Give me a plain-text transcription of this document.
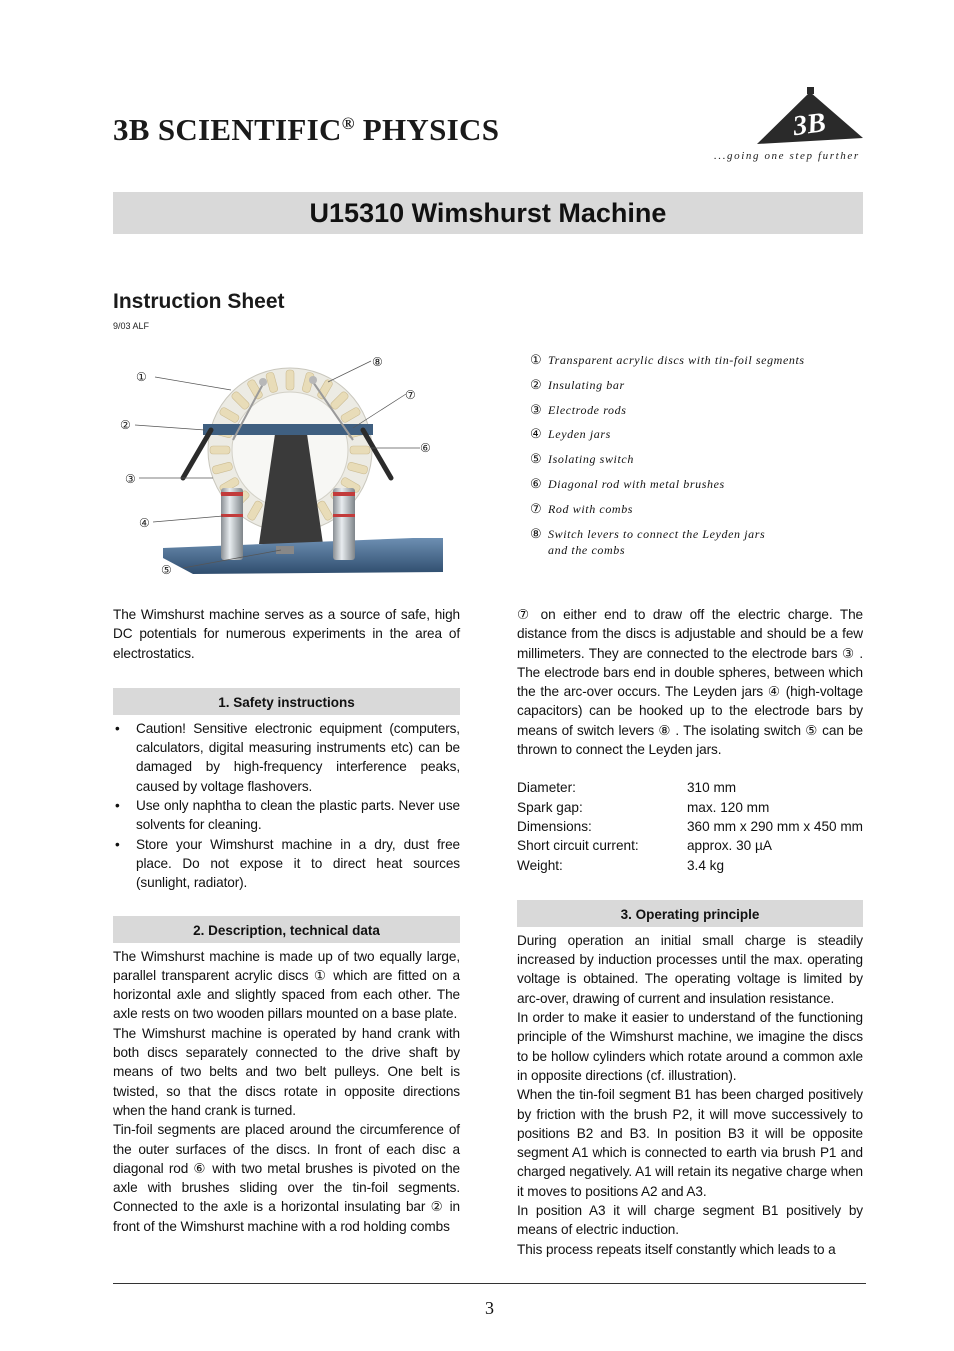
3B SCIENTIFIC® PHYSICS	3B
...going one step further
U15310 Wimshurst Machine
Instruction Sheet
9/03 ALF
①
②
③
④
⑤
⑥
⑦
⑧	① Transparent acrylic discs with tin-foil segments
② Insulating bar
③ Electrode rods
④ Leyden jars
⑤ Isolating switch
⑥ Diagonal rod with metal brushes
⑦ Rod with combs
⑧ Switch levers to connect the Leyden jars and the combs

The Wimshurst machine serves as a source of safe, high DC potentials for numerous experiments in the area of electrostatics.

1. Safety instructions
• Caution! Sensitive electronic equipment (computers, calculators, digital measuring instruments etc) can be damaged by high-frequency interference peaks, caused by voltage flashovers.
• Use only naphtha to clean the plastic parts. Never use solvents for cleaning.
• Store your Wimshurst machine in a dry, dust free place. Do not expose it to direct heat sources (sunlight, radiator).
2. Description, technical data

The Wimshurst machine is made up of two equally large, parallel transparent acrylic discs ① which are fitted on a horizontal axle and slightly spaced from each other. The axle rests on two wooden pillars mounted on a base plate.

The Wimshurst machine is operated by hand crank with both discs separately connected to the drive shaft by means of two belts and two belt pulleys. One belt is twisted, so that the discs rotate in opposite directions when the hand crank is turned.

Tin-foil segments are placed around the circumference of the outer surfaces of the discs. In front of each disc a diagonal rod ⑥ with two metal brushes is pivoted on the axle with brushes sliding over the tin-foil segments. Connected to the axle is a horizontal insulating bar ② in front of the Wimshurst machine with a rod holding combs

⑦ on either end to draw off the electric charge. The distance from the discs is adjustable and should be a few millimeters. They are connected to the electrode bars ③ . The electrode bars end in double spheres, between which the the arc-over occurs. The Leyden jars ④ (high-voltage capacitors) can be hooked up to the electrode bars by means of switch levers ⑧ . The isolating switch ⑤ can be thrown to connect the Leyden jars.

Diameter:	310 mm
Spark gap:	max. 120 mm
Dimensions:	360 mm x 290 mm x 450 mm
Short circuit current:	approx. 30 µA
Weight:	3.4 kg
3. Operating principle

During operation an initial small charge is steadily increased by induction processes until the max. operating voltage is obtained. The operating voltage is limited by arc-over, drawing of current and insulation resistance.

In order to make it easier to understand of the functioning principle of the Wimshurst machine, we imagine the discs to be hollow cylinders which rotate around a common axle in opposite directions (cf. illustration).

When the tin-foil segment B1 has been charged positively by friction with the brush P2, it will move successively to positions B2 and B3. In position B3 it will be opposite segment A1 which is connected to earth via brush P1 and charged negatively. A1 will retain its negative charge when it moves to positions A2 and A3.

In position A3 it will charge segment B1 positively by means of electric induction.

This process repeats itself constantly which leads to a

3
